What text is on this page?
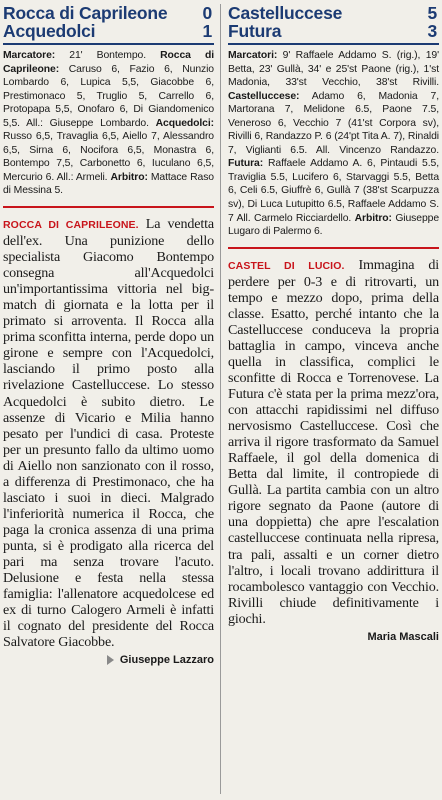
Rocca di Caprileone 0
Acquedolci	1
Marcatore: 21' Bontempo. Rocca di Caprileone: Caruso 6, Fazio 6, Nunzio Lombardo 6, Lupica 5,5, Giacobbe 6, Prestimonaco 5, Truglio 5, Carrello 6, Protopapa 5,5, Onofaro 6, Di Giandomenico 5,5. All.: Giuseppe Lombardo. Acquedolci: Russo 6,5, Travaglia 6,5, Aiello 7, Alessandro 6,5, Sirna 6, Nocifora 6,5, Monastra 6, Bontempo 7,5, Carbonetto 6, Iuculano 6,5, Mercurio 6. All.: Armeli. Arbitro: Mattace Raso di Messina 5.
ROCCA DI CAPRILEONE. La vendetta dell'ex. Una punizione dello specialista Giacomo Bontempo consegna all'Acquedolci un'importantissima vittoria nel big-match di giornata e la lotta per il primato si arroventa. Il Rocca alla prima sconfitta interna, perde dopo un girone e sempre con l'Acquedolci, lasciando il primo posto alla rivelazione Castelluccese. Lo stesso Acquedolci è subito dietro. Le assenze di Vicario e Milia hanno pesato per l'undici di casa. Proteste per un presunto fallo da ultimo uomo di Aiello non sanzionato con il rosso, a differenza di Prestimonaco, che ha lasciato i suoi in dieci. Malgrado l'inferiorità numerica il Rocca, che paga la cronica assenza di una prima punta, si è prodigato alla ricerca del pari ma senza trovare l'acuto. Delusione e festa nella stessa famiglia: l'allenatore acquedolcese ed ex di turno Calogero Armeli è infatti il cognato del presidente del Rocca Salvatore Giacobbe.
Giuseppe Lazzaro
Castelluccese	5
Futura	3
Marcatori: 9' Raffaele Addamo S. (rig.), 19' Betta, 23' Gullà, 34' e 25'st Paone (rig.), 1'st Madonia, 33'st Vecchio, 38'st Rivilli. Castelluccese: Adamo 6, Madonia 7, Martorana 7, Melidone 6.5, Paone 7.5, Veneroso 6, Vecchio 7 (41'st Corpora sv), Rivilli 6, Randazzo P. 6 (24'pt Tita A. 7), Rinaldi 7, Viglianti 6.5. All. Vincenzo Randazzo. Futura: Raffaele Addamo A. 6, Pintaudi 5.5, Traviglia 5.5, Lucifero 6, Starvaggi 5.5, Betta 6, Celi 6.5, Giuffrè 6, Gullà 7 (38'st Scarpuzza sv), Di Luca Lutupitto 6.5, Raffaele Addamo S. 7 All. Carmelo Ricciardello. Arbitro: Giuseppe Lugaro di Palermo 6.
CASTEL DI LUCIO. Immagina di perdere per 0-3 e di ritrovarti, un tempo e mezzo dopo, prima della classe. Esatto, perché intanto che la Castelluccese conduceva la propria battaglia in campo, vinceva anche quella in classifica, complici le sconfitte di Rocca e Torrenovese. La Futura c'è stata per la prima mezz'ora, con attacchi rapidissimi nel diffuso nervosismo Castelluccese. Così che arriva il rigore trasformato da Samuel Raffaele, il gol della domenica di Betta dal limite, il contropiede di Gullà. La partita cambia con un altro rigore segnato da Paone (autore di una doppietta) che apre l'escalation castelluccese continuata nella ripresa, tra pali, assalti e un corner dietro l'altro, i locali trovano addirittura il rocambolesco vantaggio con Vecchio. Rivilli chiude definitivamente i giochi.
Maria Mascali
